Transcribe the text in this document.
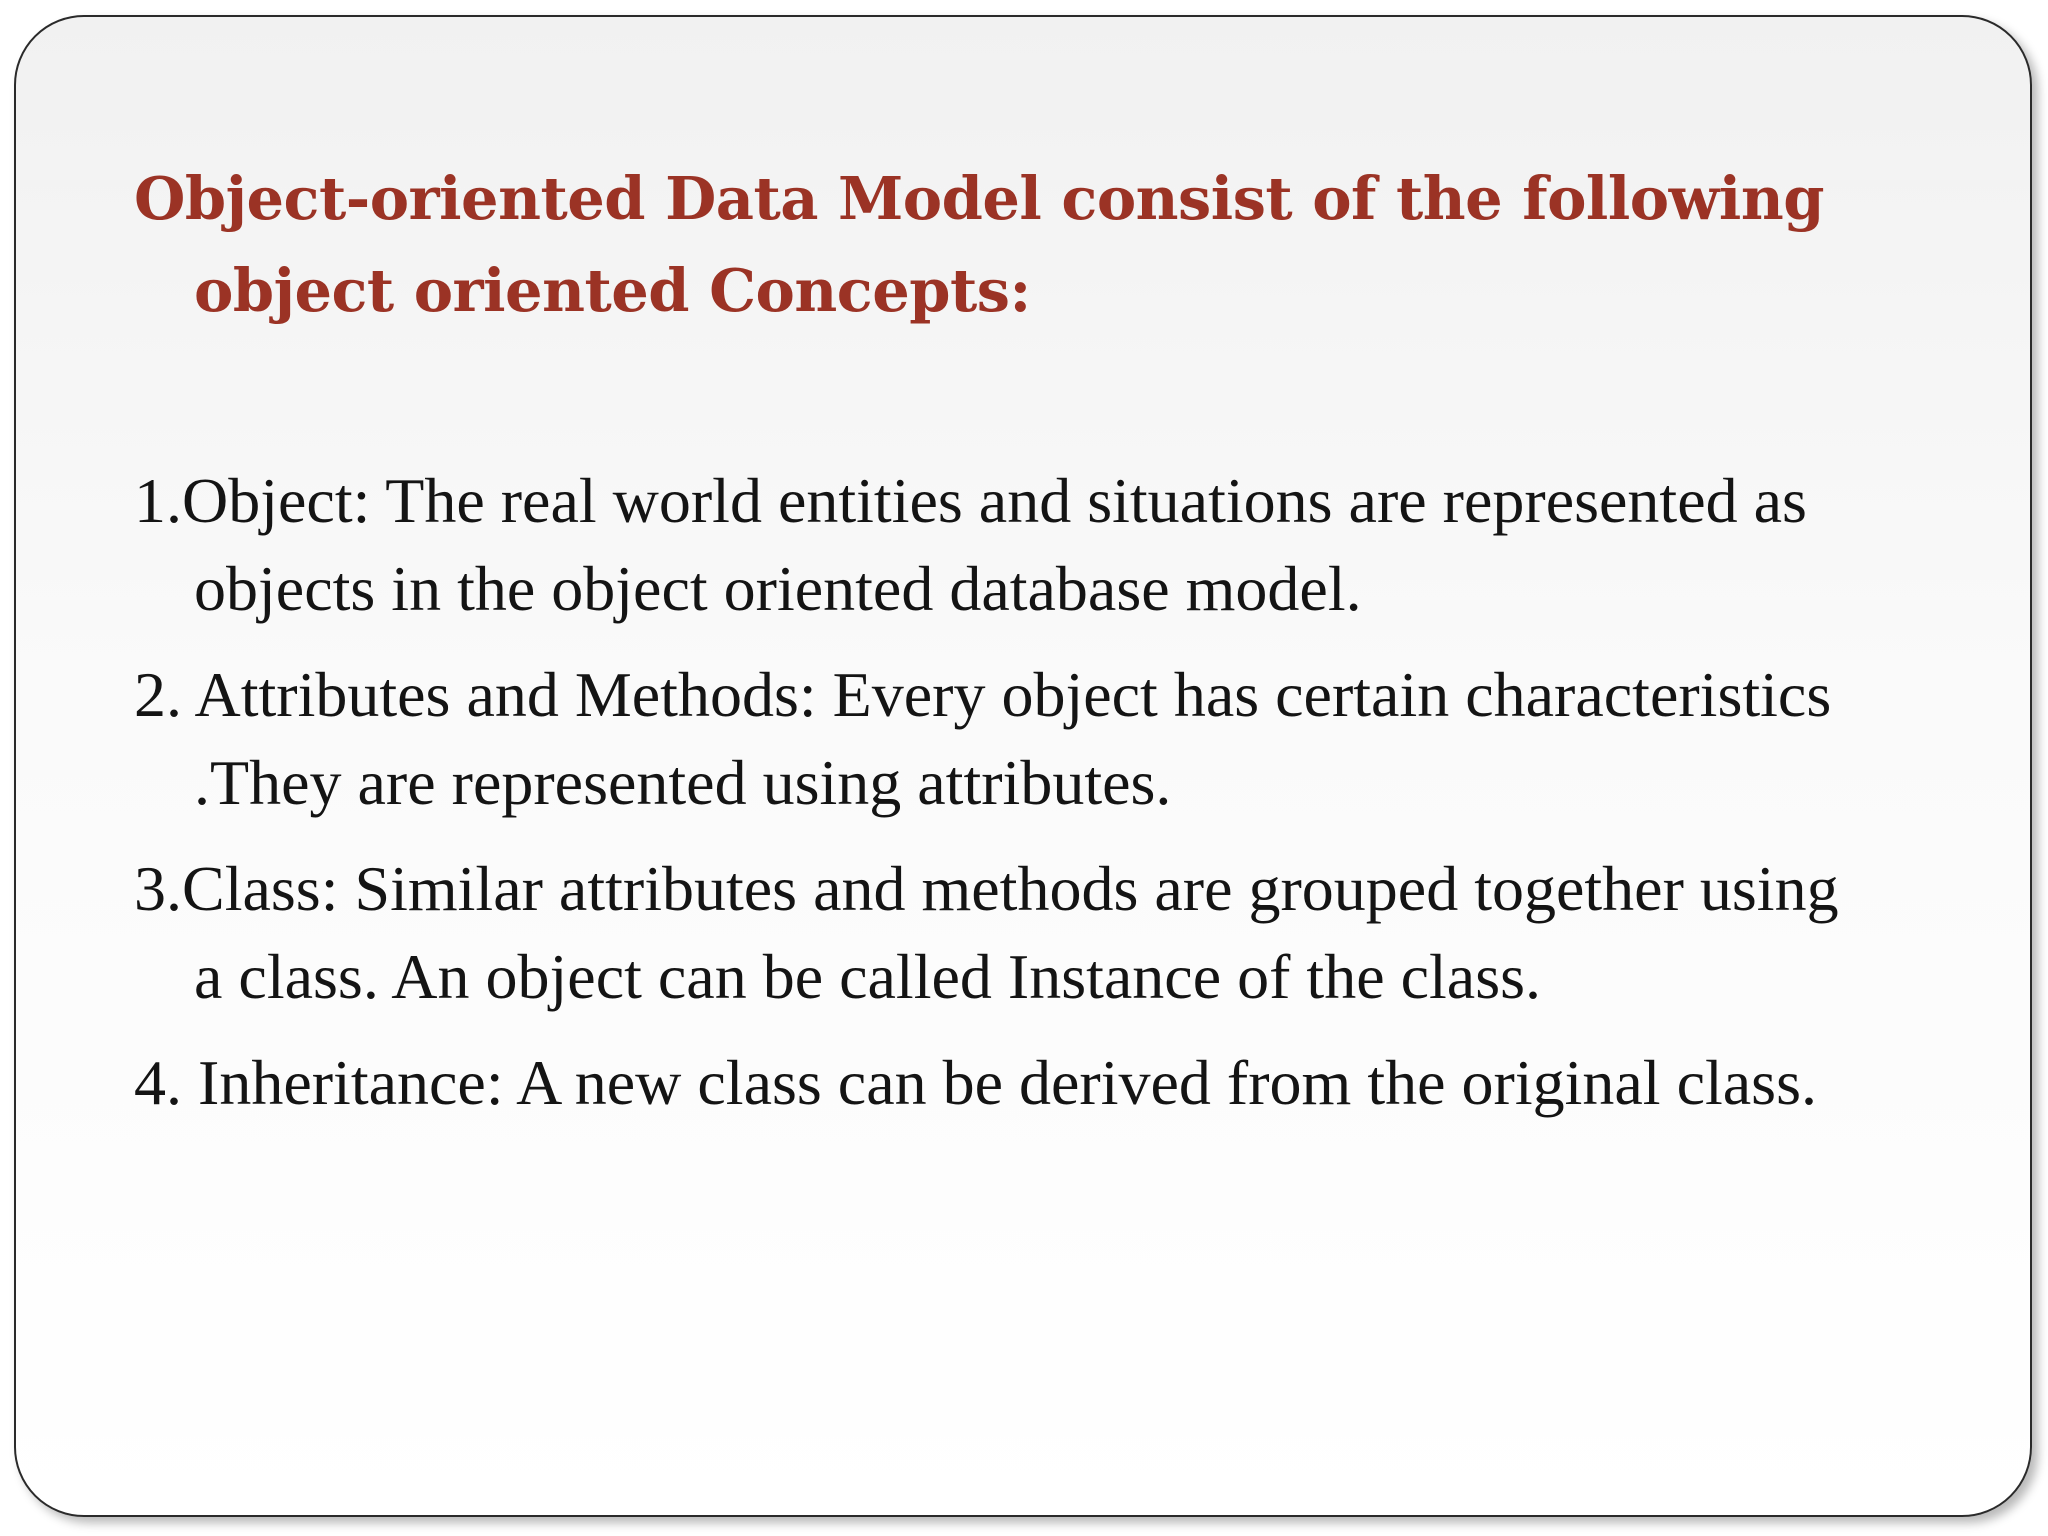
Object-oriented Data Model consist of the following
object oriented Concepts:
1.Object: The real world entities and situations are represented as
objects in the object oriented database model.
2. Attributes and Methods: Every object has certain characteristics
.They are represented using attributes.
3.Class: Similar attributes and methods are grouped together using
a class. An object can be called Instance of the class.
4. Inheritance: A new class can be derived from the original class.
